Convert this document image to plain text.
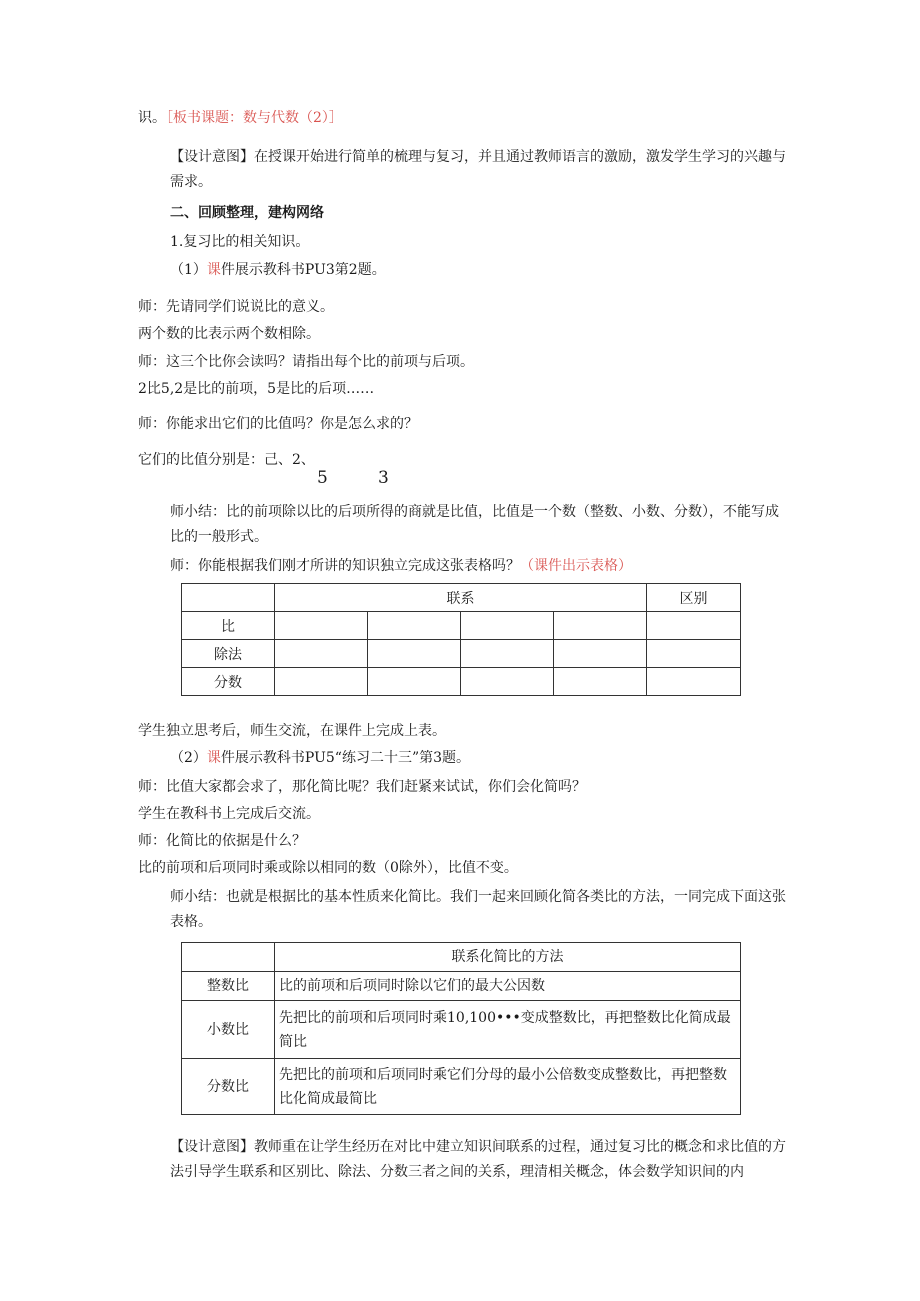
识。［板书课题：数与代数（2）］
【设计意图】在授课开始进行简单的梳理与复习，并且通过教师语言的激励，激发学生学习的兴趣与需求。
二、回顾整理，建构网络
1.复习比的相关知识。
（1）课件展示教科书PU3第2题。
师：先请同学们说说比的意义。
两个数的比表示两个数相除。
师：这三个比你会读吗？请指出每个比的前项与后项。
2比5,2是比的前项，5是比的后项……
师：你能求出它们的比值吗？你是怎么求的？
它们的比值分别是：己、2、
5	3
师小结：比的前项除以比的后项所得的商就是比值，比值是一个数（整数、小数、分数），不能写成比的一般形式。
师：你能根据我们刚才所讲的知识独立完成这张表格吗？（课件出示表格）
	联系				区别
比					
除法					
分数					
学生独立思考后，师生交流，在课件上完成上表。
（2）课件展示教科书PU5“练习二十三”第3题。
师：比值大家都会求了，那化简比呢？我们赶紧来试试，你们会化简吗？
学生在教科书上完成后交流。
师：化简比的依据是什么？
比的前项和后项同时乘或除以相同的数（0除外），比值不变。
师小结：也就是根据比的基本性质来化简比。我们一起来回顾化简各类比的方法，一同完成下面这张表格。
	联系化简比的方法
整数比	比的前项和后项同时除以它们的最大公因数
小数比	先把比的前项和后项同时乘10,100•••变成整数比，再把整数比化简成最简比
分数比	先把比的前项和后项同时乘它们分母的最小公倍数变成整数比，再把整数比化简成最简比
【设计意图】教师重在让学生经历在对比中建立知识间联系的过程，通过复习比的概念和求比值的方法引导学生联系和区别比、除法、分数三者之间的关系，理清相关概念，体会数学知识间的内
